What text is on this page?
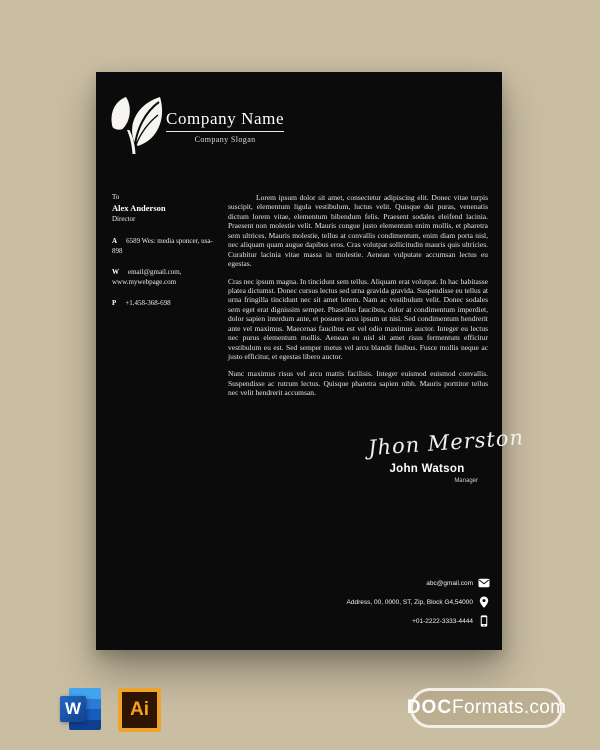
Company Name
Company Slogan
To
Alex Anderson
Director
A 6589 Wes: media sponcer, usa-898
W email@gmail.com, www.mywebpage.com
P +1.458-368-698

Lorem ipsum dolor sit amet, consectetur adipiscing elit. Donec vitae turpis suscipit, elementum ligula vestibulum, luctus velit. Quisque dui puras, venenatis dictum lorem vitae, elementum bibendum felis. Praesent sodales eleifend lacinia. Praesent non molestie velit. Mauris congue justo elementum enim mollis, et pharetra sem ultrices. Mauris molestie, tellus at convallis condimentum, enim diam porta nisl, nec aliquam quam augue dapibus eros. Cras volutpat sollicitudin mauris quis ultricies. Curabitur lacinia vitae massa in molestie. Aenean vulputate accumsan lectus eu egestas.

Cras nec ipsum magna. In tincidunt sem tellus. Aliquam erat volutpat. In hac habitasse platea dictumst. Donec cursus lectus sed urna gravida gravida. Suspendisse eu tellus at urna fringilla tincidunt nec sit amet lorem. Nam ac vestibulum velit. Donec sodales sem eget erat dignissim semper. Phasellus faucibus, dolor at condimentum imperdiet, dolor sapien interdum ante, et posuere arcu ipsum ut nisi. Sed condimentum hendrerit ante vel maximus. Maecenas faucibus est vel odio maximus auctor. Integer eu lectus nec purus elementum mollis. Aenean eu nisl sit amet risus fermentum efficitur vestibulum eu est. Sed semper metus vel arcu blandit finibus. Fusce mollis neque ac justo efficitur, et egestas libero auctor.

Nunc maximus risus vel arcu mattis facilisis. Integer euismod euismod convallis. Suspendisse ac rutrum lectus. Quisque pharetra sapien nibh. Mauris porttitor tellus nec velit hendrerit accumsan.

Jhon Merston
John Watson
Manager
abc@gmail.com
Address, 00, 0000, ST, Zip, Block G4,54000
+01-2222-3333-4444
W	Ai	DOC Formats.com
